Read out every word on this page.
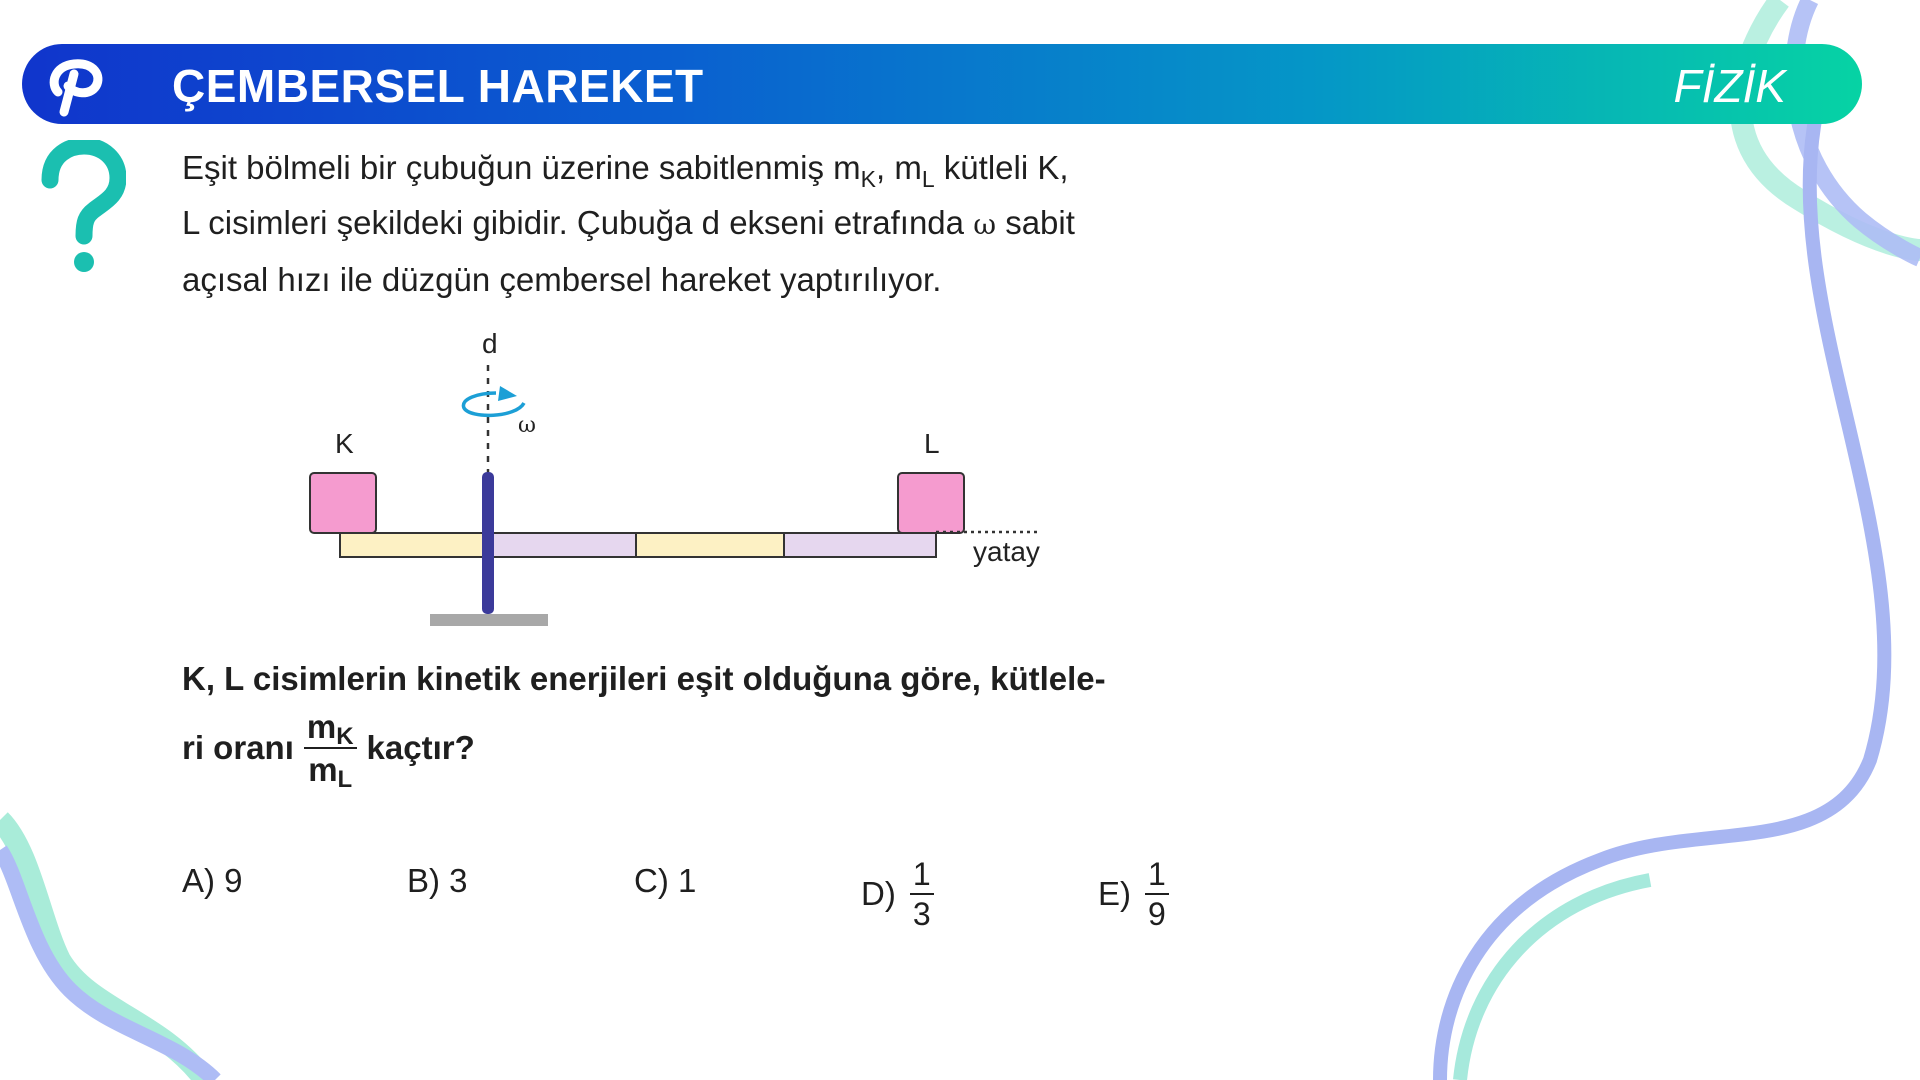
ÇEMBERSEL HAREKET	FİZİK
Eşit bölmeli bir çubuğun üzerine sabitlenmiş $m_K$, $m_L$ kütleli K,
L cisimleri şekildeki gibidir. Çubuğa d ekseni etrafında ω sabit
açısal hızı ile düzgün çembersel hareket yaptırılıyor.
d
ω
K	L
yatay
K, L cisimlerin kinetik enerjileri eşit olduğuna göre, kütlele-
ri oranı $\frac{m_K}{m_L}$ kaçtır?
A)
9	B)
3	C)
1	$D) \frac{1}{3}$	$E) \frac{1}{9}$
